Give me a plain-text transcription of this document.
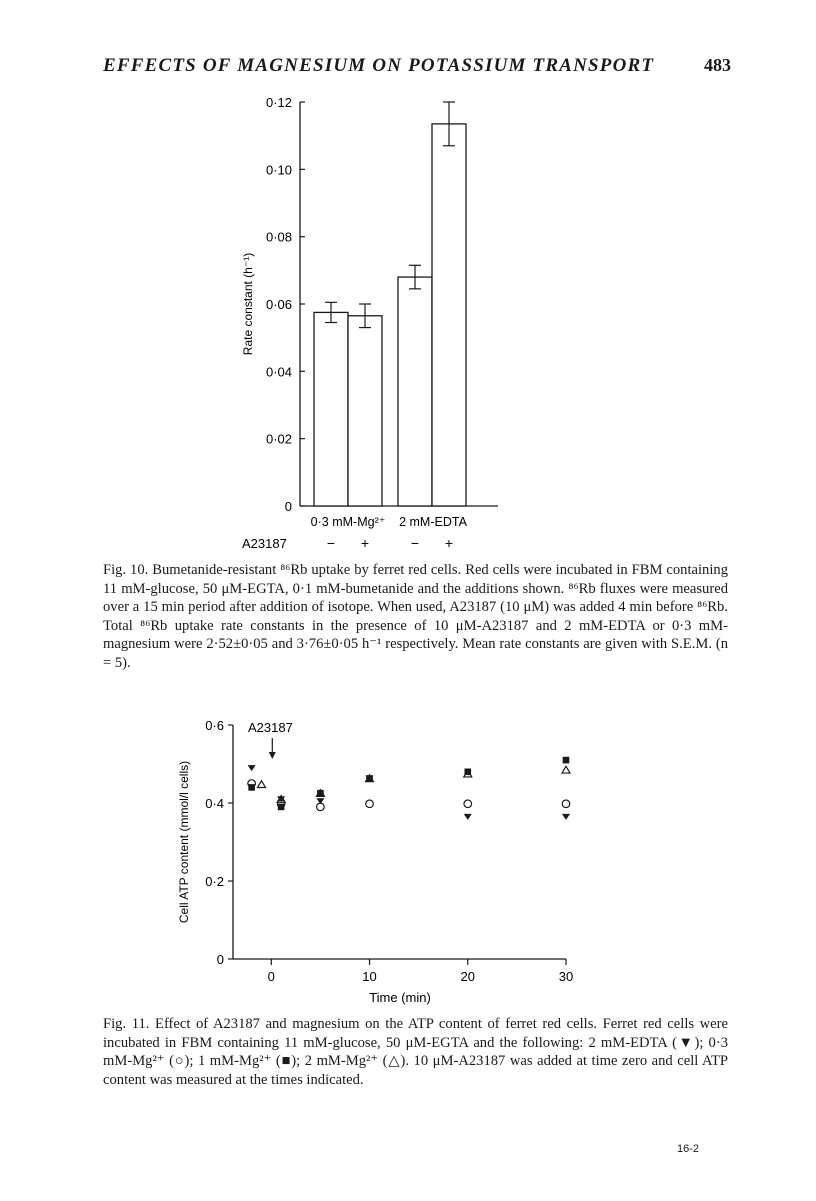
EFFECTS OF MAGNESIUM ON POTASSIUM TRANSPORT	483
0
0·02
0·04
0·06
0·08
0·10
0·12
Rate constant (h⁻¹)
− +	− +
0·3 mM-Mg²⁺ 2 mM-EDTA
A23187
Fig. 10. Bumetanide-resistant ⁸⁶Rb uptake by ferret red cells. Red cells were incubated in FBM containing 11 mM-glucose, 50 μM-EGTA, 0·1 mM-bumetanide and the additions shown. ⁸⁶Rb fluxes were measured over a 15 min period after addition of isotope. When used, A23187 (10 μM) was added 4 min before ⁸⁶Rb. Total ⁸⁶Rb uptake rate constants in the presence of 10 μM-A23187 and 2 mM-EDTA or 0·3 mM-magnesium were 2·52±0·05 and 3·76±0·05 h⁻¹ respectively. Mean rate constants are given with S.E.M. (n = 5).
0
0·2
0·4
0·6
0	10	20	30
Time (min)
Cell ATP content (mmol/l cells)
A23187
Fig. 11. Effect of A23187 and magnesium on the ATP content of ferret red cells. Ferret red cells were incubated in FBM containing 11 mM-glucose, 50 μM-EGTA and the following: 2 mM-EDTA (▼); 0·3 mM-Mg²⁺ (○); 1 mM-Mg²⁺ (■); 2 mM-Mg²⁺ (△). 10 μM-A23187 was added at time zero and cell ATP content was measured at the times indicated.
16-2
